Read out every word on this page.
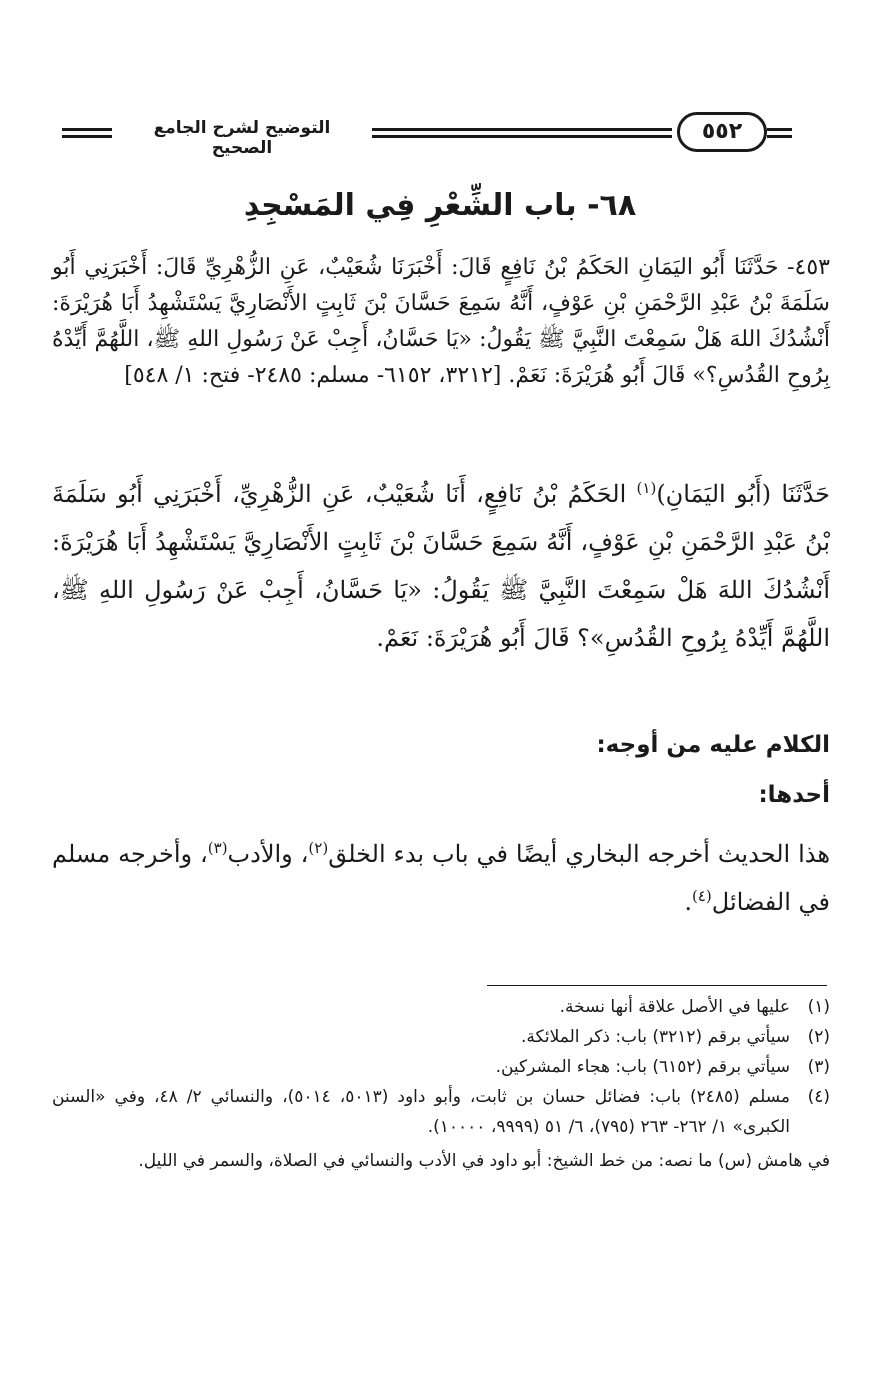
التوضيح لشرح الجامع الصحيح
٥٥٢
٦٨- باب الشِّعْرِ فِي المَسْجِدِ
٤٥٣- حَدَّثَنَا أَبُو اليَمَانِ الحَكَمُ بْنُ نَافِعٍ قَالَ: أَخْبَرَنَا شُعَيْبٌ، عَنِ الزُّهْرِيِّ قَالَ: أَخْبَرَنِي أَبُو سَلَمَةَ بْنُ عَبْدِ الرَّحْمَنِ بْنِ عَوْفٍ، أَنَّهُ سَمِعَ حَسَّانَ بْنَ ثَابِتٍ الأَنْصَارِيَّ يَسْتَشْهِدُ أَبَا هُرَيْرَةَ: أَنْشُدُكَ اللهَ هَلْ سَمِعْتَ النَّبِيَّ ﷺ يَقُولُ: «يَا حَسَّانُ، أَجِبْ عَنْ رَسُولِ اللهِ ﷺ، اللَّهُمَّ أَيِّدْهُ بِرُوحِ القُدُسِ؟» قَالَ أَبُو هُرَيْرَةَ: نَعَمْ. [٣٢١٢، ٦١٥٢- مسلم: ٢٤٨٥- فتح: ١/ ٥٤٨]
حَدَّثَنَا (أَبُو اليَمَانِ)$^{(١)}$ الحَكَمُ بْنُ نَافِعٍ، أَنَا شُعَيْبٌ، عَنِ الزُّهْرِيِّ، أَخْبَرَنِي أَبُو سَلَمَةَ بْنُ عَبْدِ الرَّحْمَنِ بْنِ عَوْفٍ، أَنَّهُ سَمِعَ حَسَّانَ بْنَ ثَابِتٍ الأَنْصَارِيَّ يَسْتَشْهِدُ أَبَا هُرَيْرَةَ: أَنْشُدُكَ اللهَ هَلْ سَمِعْتَ النَّبِيَّ ﷺ يَقُولُ: «يَا حَسَّانُ، أَجِبْ عَنْ رَسُولِ اللهِ ﷺ، اللَّهُمَّ أَيِّدْهُ بِرُوحِ القُدُسِ»؟ قَالَ أَبُو هُرَيْرَةَ: نَعَمْ.
الكلام عليه من أوجه:
أحدها:
هذا الحديث أخرجه البخاري أيضًا في باب بدء الخلق$^{(٢)}$، والأدب$^{(٣)}$، وأخرجه مسلم في الفضائل$^{(٤)}$.
(١)
عليها في الأصل علاقة أنها نسخة.
(٢)
سيأتي برقم (٣٢١٢) باب: ذكر الملائكة.
(٣)
سيأتي برقم (٦١٥٢) باب: هجاء المشركين.
(٤)
مسلم (٢٤٨٥) باب: فضائل حسان بن ثابت، وأبو داود (٥٠١٣، ٥٠١٤)، والنسائي ٢/ ٤٨، وفي «السنن الكبرى» ١/ ٢٦٢- ٢٦٣ (٧٩٥)، ٦/ ٥١ (٩٩٩٩، ١٠٠٠٠).
في هامش (س) ما نصه: من خط الشيخ: أبو داود في الأدب والنسائي في الصلاة، والسمر في الليل.
